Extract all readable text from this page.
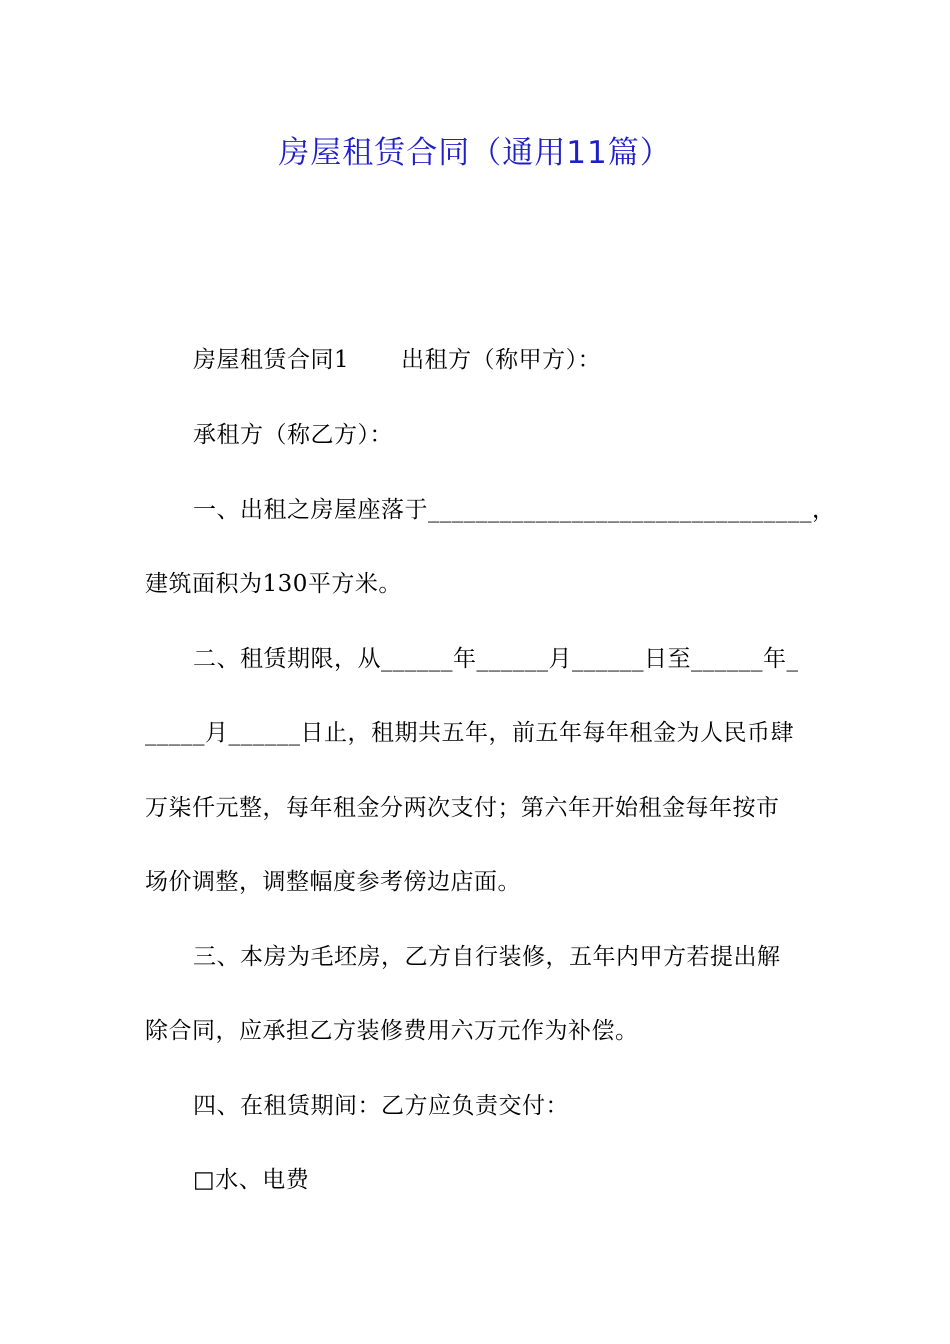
房屋租赁合同（通用11篇）
房屋租赁合同1 出租方（称甲方）：
承租方（称乙方）：
一、出租之房屋座落于________________________________，
建筑面积为130平方米。
二、租赁期限，从______年______月______日至______年_
_____月______日止，租期共五年，前五年每年租金为人民币肆
万柒仟元整，每年租金分两次支付；第六年开始租金每年按市
场价调整，调整幅度参考傍边店面。
三、本房为毛坯房，乙方自行装修，五年内甲方若提出解
除合同，应承担乙方装修费用六万元作为补偿。
四、在租赁期间：乙方应负责交付：
□水、电费
